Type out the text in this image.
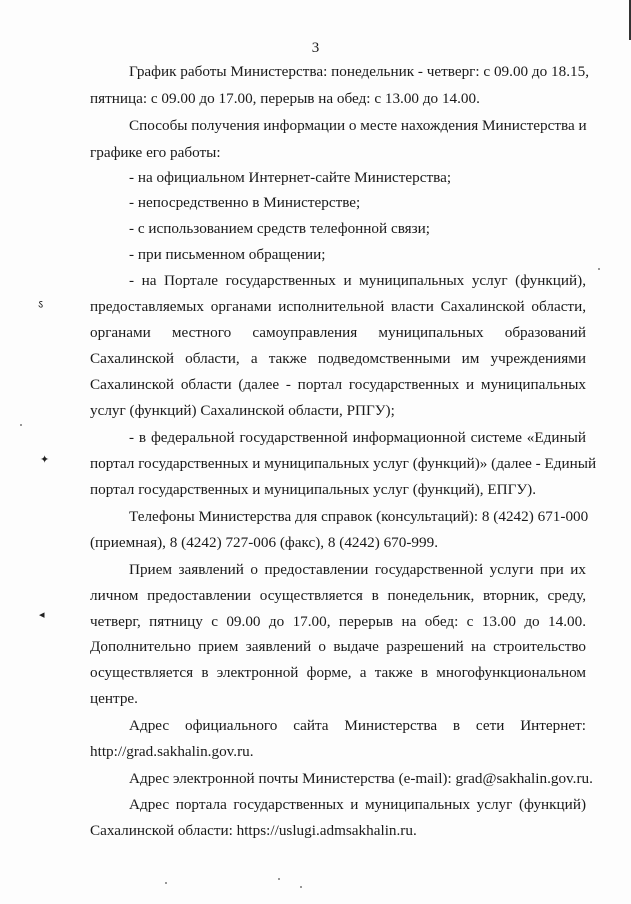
3
График работы Министерства: понедельник - четверг: с 09.00 до 18.15,
пятница: с 09.00 до 17.00, перерыв на обед: с 13.00 до 14.00.
Способы получения информации о месте нахождения Министерства и
графике его работы:
- на официальном Интернет-сайте Министерства;
- непосредственно в Министерстве;
- с использованием средств телефонной связи;
- при письменном обращении;
- на Портале государственных и муниципальных услуг (функций),
предоставляемых органами исполнительной власти Сахалинской области,
органами местного самоуправления муниципальных образований
Сахалинской области, а также подведомственными им учреждениями
Сахалинской области (далее - портал государственных и муниципальных
услуг (функций) Сахалинской области, РПГУ);
- в федеральной государственной информационной системе «Единый
портал государственных и муниципальных услуг (функций)» (далее - Единый
портал государственных и муниципальных услуг (функций), ЕПГУ).
Телефоны Министерства для справок (консультаций): 8 (4242) 671-000
(приемная), 8 (4242) 727-006 (факс), 8 (4242) 670-999.
Прием заявлений о предоставлении государственной услуги при их
личном предоставлении осуществляется в понедельник, вторник, среду,
четверг, пятницу с 09.00 до 17.00, перерыв на обед: с 13.00 до 14.00.
Дополнительно прием заявлений о выдаче разрешений на строительство
осуществляется в электронной форме, а также в многофункциональном
центре.
Адрес официального сайта Министерства в сети Интернет:
http://grad.sakhalin.gov.ru.
Адрес электронной почты Министерства (e-mail): grad@sakhalin.gov.ru.
Адрес портала государственных и муниципальных услуг (функций)
Сахалинской области: https://uslugi.admsakhalin.ru.
ऽ
✦
◂
